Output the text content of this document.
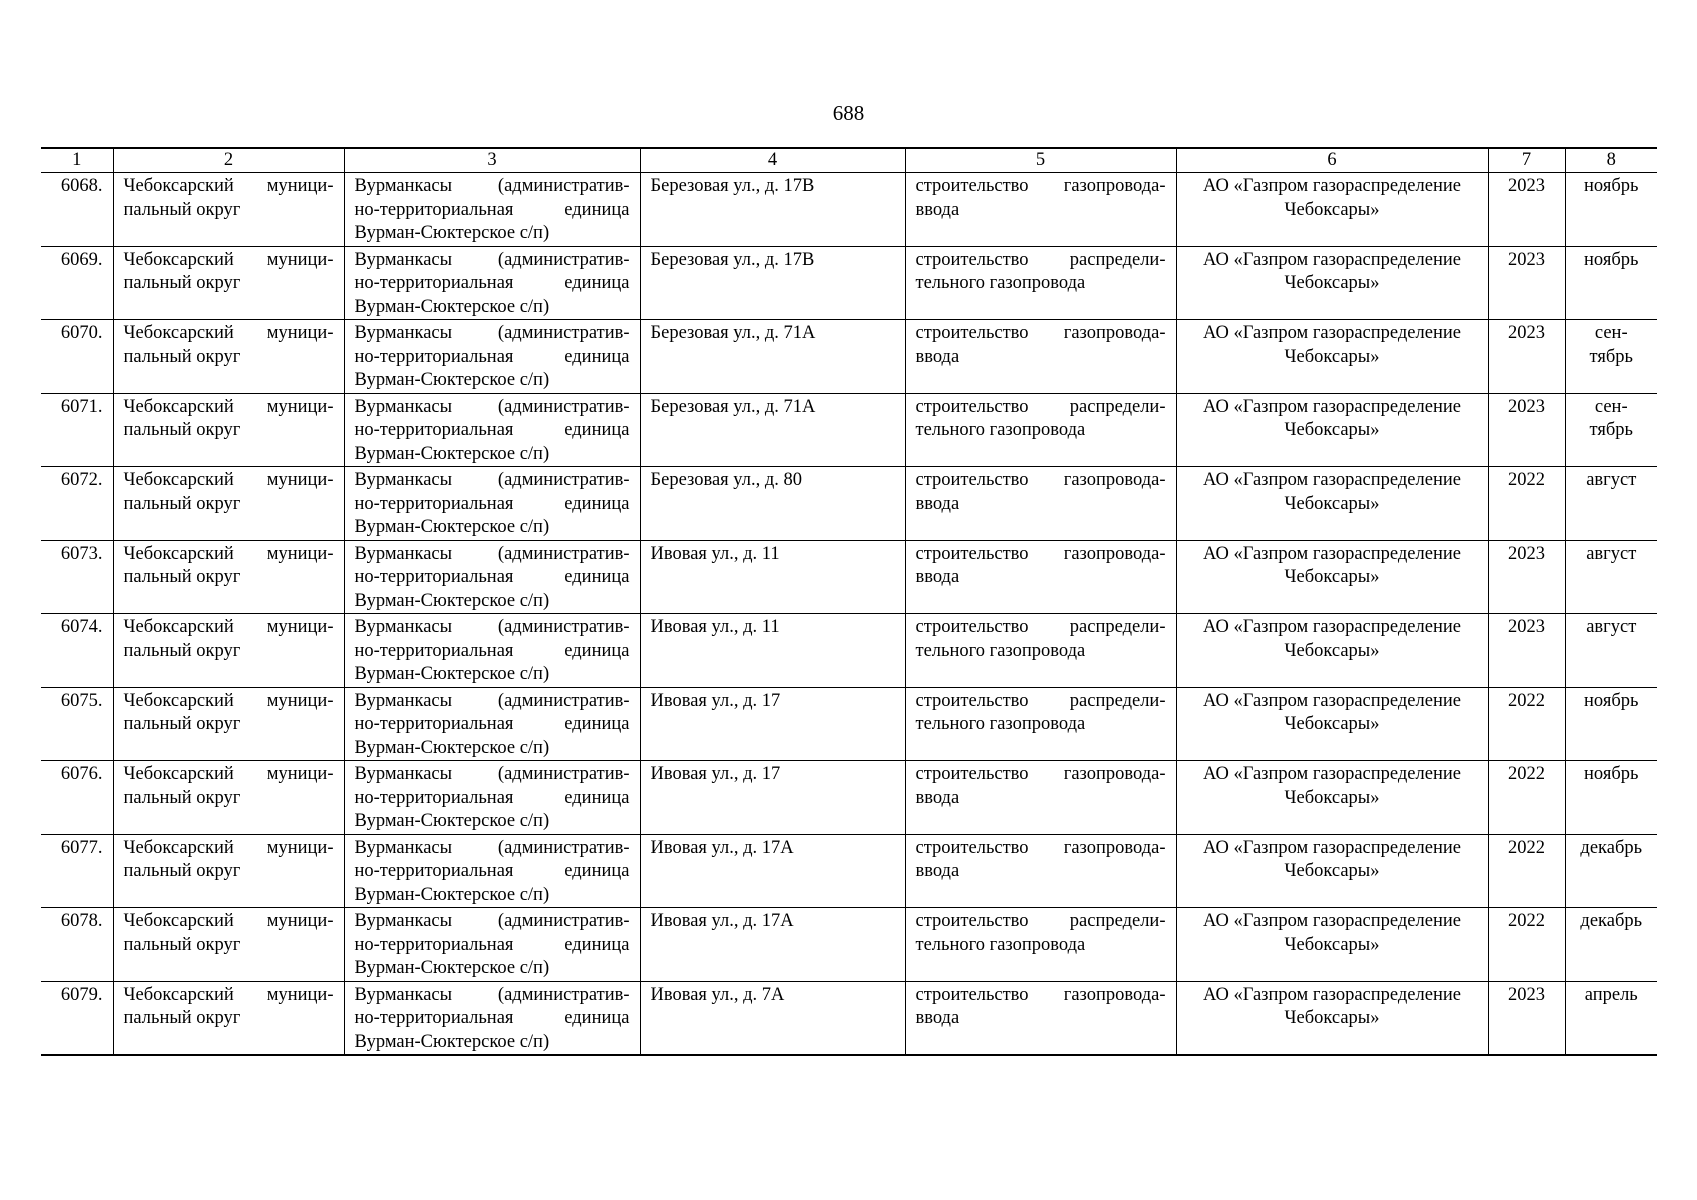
688
1	2	3	4	5	6	7	8
6068.	Чебоксарский муници-
пальный округ	Вурманкасы (административ-
но-территориальная единица
Вурман-Сюктерское с/п)	Березовая ул., д. 17В	строительство газопровода-
ввода	АО «Газпром газораспределение
Чебоксары»	2023	ноябрь

6069.	Чебоксарский муници-
пальный округ	Вурманкасы (административ-
но-территориальная единица
Вурман-Сюктерское с/п)	Березовая ул., д. 17В	строительство распредели-
тельного газопровода	АО «Газпром газораспределение
Чебоксары»	2023	ноябрь

6070.	Чебоксарский муници-
пальный округ	Вурманкасы (административ-
но-территориальная единица
Вурман-Сюктерское с/п)	Березовая ул., д. 71А	строительство газопровода-
ввода	АО «Газпром газораспределение
Чебоксары»	2023	сен-
тябрь

6071.	Чебоксарский муници-
пальный округ	Вурманкасы (административ-
но-территориальная единица
Вурман-Сюктерское с/п)	Березовая ул., д. 71А	строительство распредели-
тельного газопровода	АО «Газпром газораспределение
Чебоксары»	2023	сен-
тябрь

6072.	Чебоксарский муници-
пальный округ	Вурманкасы (административ-
но-территориальная единица
Вурман-Сюктерское с/п)	Березовая ул., д. 80	строительство газопровода-
ввода	АО «Газпром газораспределение
Чебоксары»	2022	август

6073.	Чебоксарский муници-
пальный округ	Вурманкасы (административ-
но-территориальная единица
Вурман-Сюктерское с/п)	Ивовая ул., д. 11	строительство газопровода-
ввода	АО «Газпром газораспределение
Чебоксары»	2023	август

6074.	Чебоксарский муници-
пальный округ	Вурманкасы (административ-
но-территориальная единица
Вурман-Сюктерское с/п)	Ивовая ул., д. 11	строительство распредели-
тельного газопровода	АО «Газпром газораспределение
Чебоксары»	2023	август

6075.	Чебоксарский муници-
пальный округ	Вурманкасы (административ-
но-территориальная единица
Вурман-Сюктерское с/п)	Ивовая ул., д. 17	строительство распредели-
тельного газопровода	АО «Газпром газораспределение
Чебоксары»	2022	ноябрь

6076.	Чебоксарский муници-
пальный округ	Вурманкасы (административ-
но-территориальная единица
Вурман-Сюктерское с/п)	Ивовая ул., д. 17	строительство газопровода-
ввода	АО «Газпром газораспределение
Чебоксары»	2022	ноябрь

6077.	Чебоксарский муници-
пальный округ	Вурманкасы (административ-
но-территориальная единица
Вурман-Сюктерское с/п)	Ивовая ул., д. 17А	строительство газопровода-
ввода	АО «Газпром газораспределение
Чебоксары»	2022	декабрь

6078.	Чебоксарский муници-
пальный округ	Вурманкасы (административ-
но-территориальная единица
Вурман-Сюктерское с/п)	Ивовая ул., д. 17А	строительство распредели-
тельного газопровода	АО «Газпром газораспределение
Чебоксары»	2022	декабрь

6079.	Чебоксарский муници-
пальный округ	Вурманкасы (административ-
но-территориальная единица
Вурман-Сюктерское с/п)	Ивовая ул., д. 7А	строительство газопровода-
ввода	АО «Газпром газораспределение
Чебоксары»	2023	апрель
